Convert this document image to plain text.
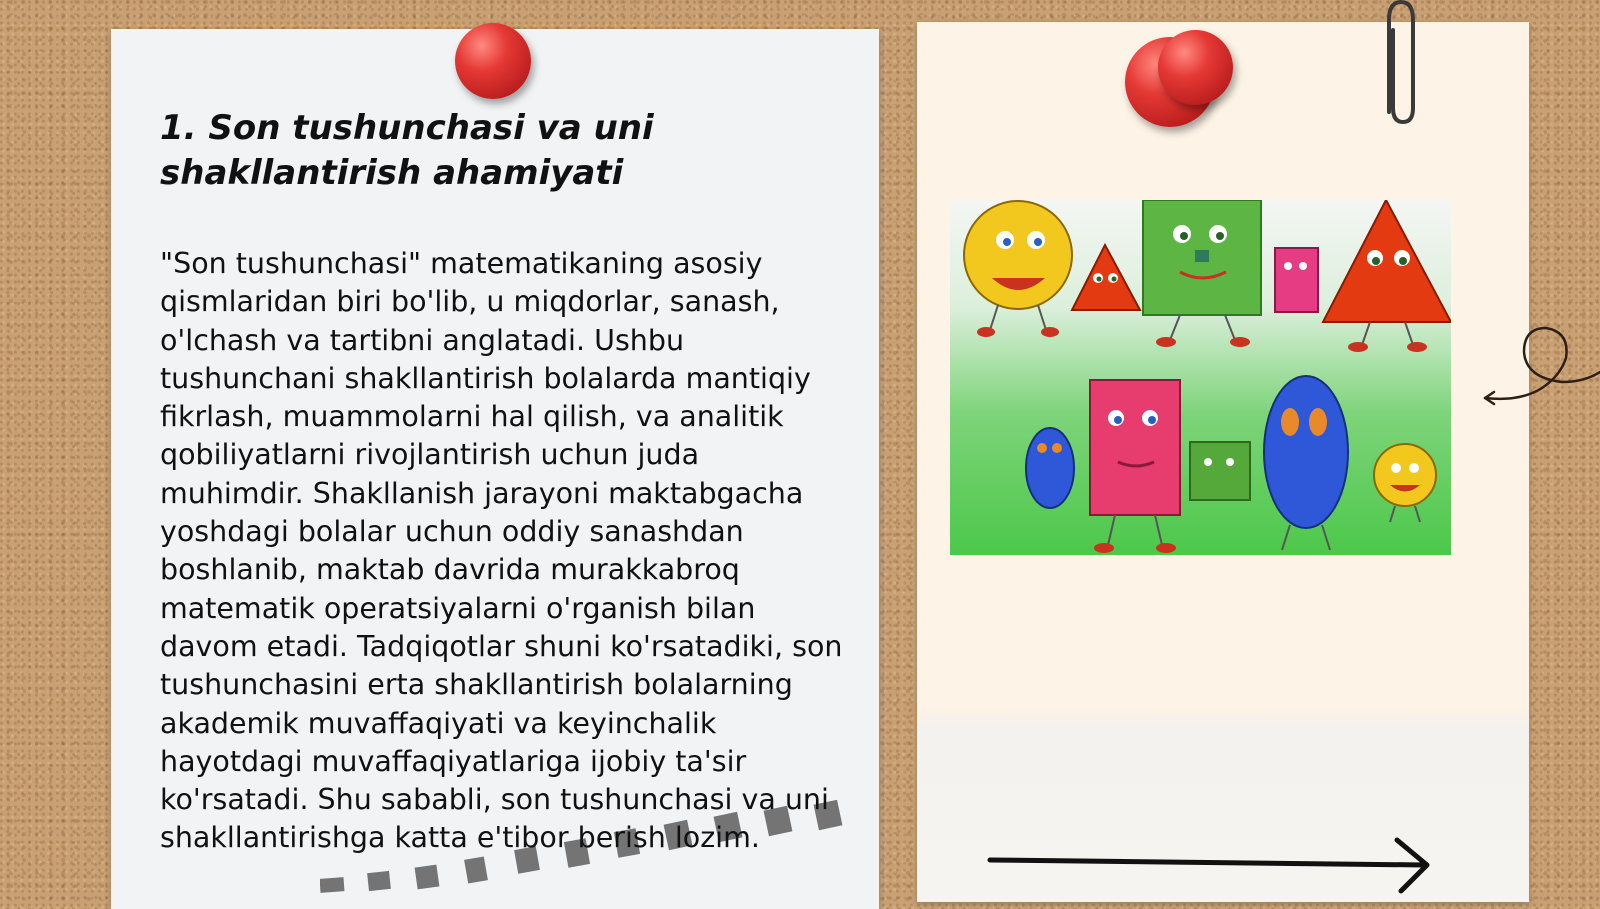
1. Son tushunchasi va uni shakllantirish ahamiyati

"Son tushunchasi" matematikaning asosiy qismlaridan biri bo'lib, u miqdorlar, sanash, o'lchash va tartibni anglatadi. Ushbu tushunchani shakllantirish bolalarda mantiqiy fikrlash, muammolarni hal qilish, va analitik qobiliyatlarni rivojlantirish uchun juda muhimdir. Shakllanish jarayoni maktabgacha yoshdagi bolalar uchun oddiy sanashdan boshlanib, maktab davrida murakkabroq matematik operatsiyalarni o'rganish bilan davom etadi. Tadqiqotlar shuni ko'rsatadiki, son tushunchasini erta shakllantirish bolalarning akademik muvaffaqiyati va keyinchalik hayotdagi muvaffaqiyatlariga ijobiy ta'sir ko'rsatadi. Shu sababli, son tushunchasi va uni shakllantirishga katta e'tibor berish lozim.
